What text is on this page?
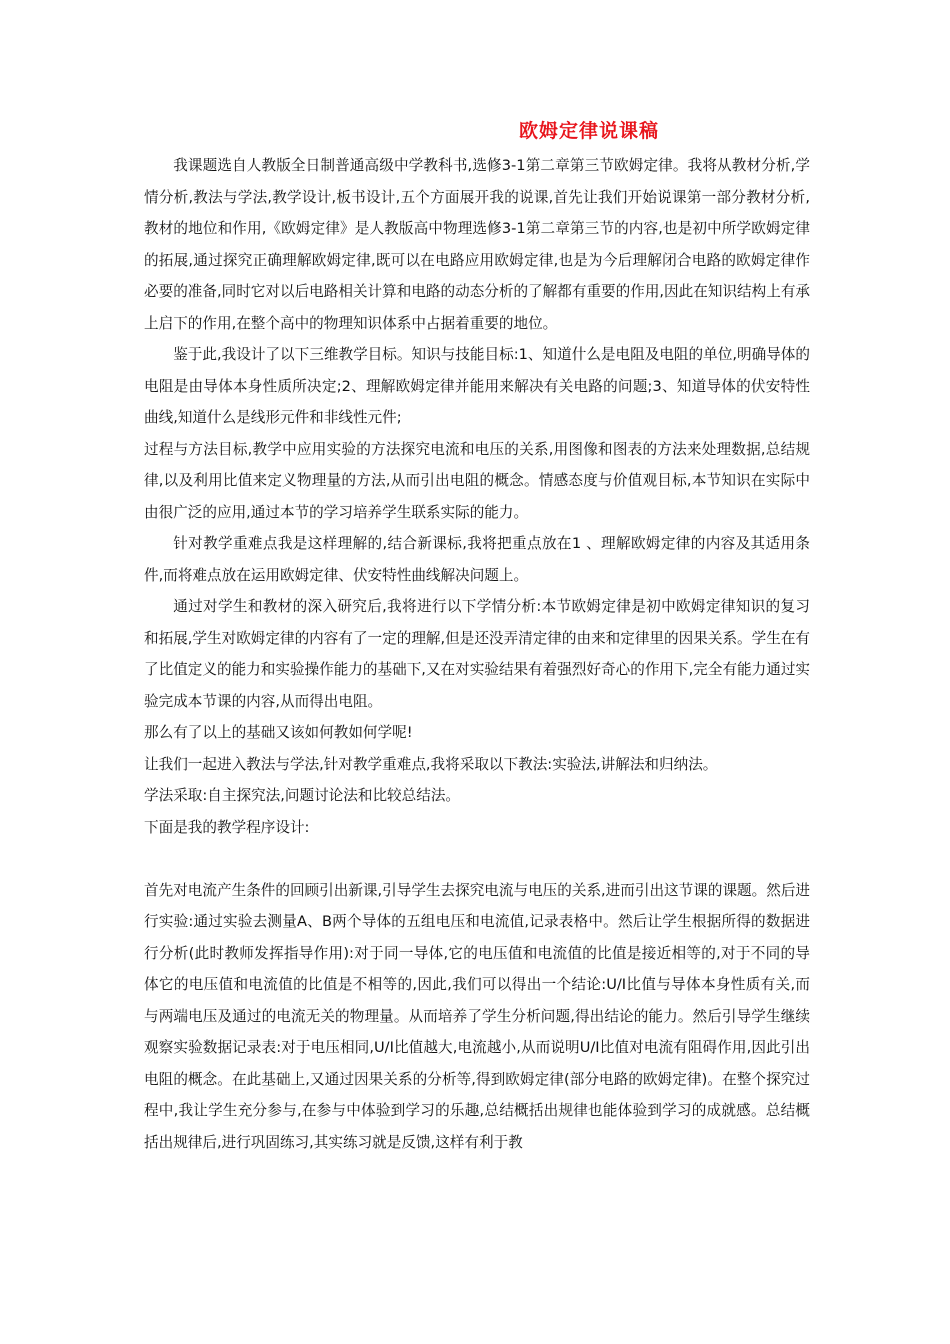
欧姆定律说课稿

我课题选自人教版全日制普通高级中学教科书,选修3-1第二章第三节欧姆定律。我将从教材分析,学情分析,教法与学法,教学设计,板书设计,五个方面展开我的说课,首先让我们开始说课第一部分教材分析,教材的地位和作用,《欧姆定律》是人教版高中物理选修3-1第二章第三节的内容,也是初中所学欧姆定律的拓展,通过探究正确理解欧姆定律,既可以在电路应用欧姆定律,也是为今后理解闭合电路的欧姆定律作必要的准备,同时它对以后电路相关计算和电路的动态分析的了解都有重要的作用,因此在知识结构上有承上启下的作用,在整个高中的物理知识体系中占据着重要的地位。

鉴于此,我设计了以下三维教学目标。知识与技能目标:1、知道什么是电阻及电阻的单位,明确导体的电阻是由导体本身性质所决定;2、理解欧姆定律并能用来解决有关电路的问题;3、知道导体的伏安特性曲线,知道什么是线形元件和非线性元件;

过程与方法目标,教学中应用实验的方法探究电流和电压的关系,用图像和图表的方法来处理数据,总结规律,以及利用比值来定义物理量的方法,从而引出电阻的概念。情感态度与价值观目标,本节知识在实际中由很广泛的应用,通过本节的学习培养学生联系实际的能力。

针对教学重难点我是这样理解的,结合新课标,我将把重点放在1 、理解欧姆定律的内容及其适用条件,而将难点放在运用欧姆定律、伏安特性曲线解决问题上。

通过对学生和教材的深入研究后,我将进行以下学情分析:本节欧姆定律是初中欧姆定律知识的复习和拓展,学生对欧姆定律的内容有了一定的理解,但是还没弄清定律的由来和定律里的因果关系。学生在有了比值定义的能力和实验操作能力的基础下,又在对实验结果有着强烈好奇心的作用下,完全有能力通过实验完成本节课的内容,从而得出电阻。

那么有了以上的基础又该如何教如何学呢!

让我们一起进入教法与学法,针对教学重难点,我将采取以下教法:实验法,讲解法和归纳法。

学法采取:自主探究法,问题讨论法和比较总结法。

下面是我的教学程序设计:

首先对电流产生条件的回顾引出新课,引导学生去探究电流与电压的关系,进而引出这节课的课题。然后进行实验:通过实验去测量A、B两个导体的五组电压和电流值,记录表格中。然后让学生根据所得的数据进行分析(此时教师发挥指导作用):对于同一导体,它的电压值和电流值的比值是接近相等的,对于不同的导体它的电压值和电流值的比值是不相等的,因此,我们可以得出一个结论:U/I比值与导体本身性质有关,而与两端电压及通过的电流无关的物理量。从而培养了学生分析问题,得出结论的能力。然后引导学生继续观察实验数据记录表:对于电压相同,U/I比值越大,电流越小,从而说明U/I比值对电流有阻碍作用,因此引出电阻的概念。在此基础上,又通过因果关系的分析等,得到欧姆定律(部分电路的欧姆定律)。在整个探究过程中,我让学生充分参与,在参与中体验到学习的乐趣,总结概括出规律也能体验到学习的成就感。总结概括出规律后,进行巩固练习,其实练习就是反馈,这样有利于教
